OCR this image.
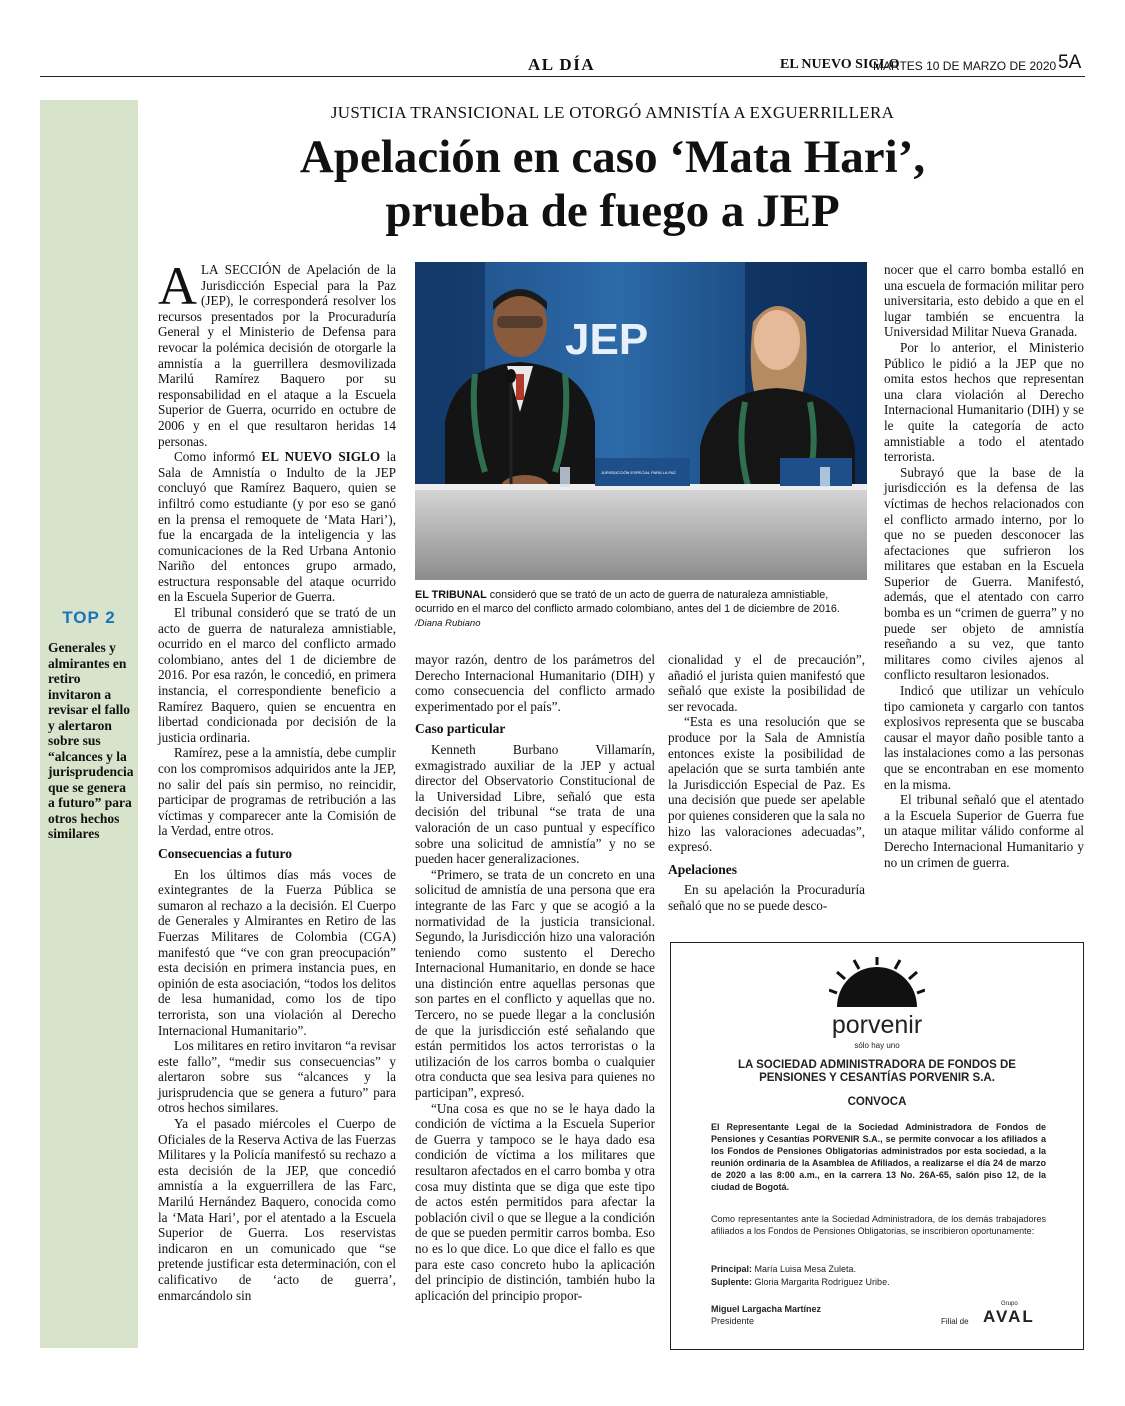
AL DÍA	EL NUEVO SIGLO
MARTES 10 DE MARZO DE 2020 5A
TOP 2
Generales y almirantes en retiro invitaron a revisar el fallo y alertaron sobre sus “alcances y la jurisprudencia que se genera a futuro” para otros hechos similares
JUSTICIA TRANSICIONAL LE OTORGÓ AMNISTÍA A EXGUERRILLERA
Apelación en caso ‘Mata Hari’,
prueba de fuego a JEP

ALA SECCIÓN de Apelación de la Jurisdicción Especial para la Paz (JEP), le corresponderá resolver los recursos presentados por la Procuraduría General y el Ministerio de Defensa para revocar la polémica decisión de otorgarle la amnistía a la guerrillera desmovilizada Marilú Ramírez Baquero por su responsabilidad en el ataque a la Escuela Superior de Guerra, ocurrido en octubre de 2006 y en el que resultaron heridas 14 personas.

Como informó EL NUEVO SIGLO la Sala de Amnistía o Indulto de la JEP concluyó que Ramírez Baquero, quien se infiltró como estudiante (y por eso se ganó en la prensa el remoquete de ‘Mata Hari’), fue la encargada de la inteligencia y las comunicaciones de la Red Urbana Antonio Nariño del entonces grupo armado, estructura responsable del ataque ocurrido en la Escuela Superior de Guerra.

El tribunal consideró que se trató de un acto de guerra de naturaleza amnistiable, ocurrido en el marco del conflicto armado colombiano, antes del 1 de diciembre de 2016. Por esa razón, le concedió, en primera instancia, el correspondiente beneficio a Ramírez Baquero, quien se encuentra en libertad condicionada por decisión de la justicia ordinaria.

Ramírez, pese a la amnistía, debe cumplir con los compromisos adquiridos ante la JEP, no salir del país sin permiso, no reincidir, participar de programas de retribución a las víctimas y comparecer ante la Comisión de la Verdad, entre otros.

Consecuencias a futuro

En los últimos días más voces de exintegrantes de la Fuerza Pública se sumaron al rechazo a la decisión. El Cuerpo de Generales y Almirantes en Retiro de las Fuerzas Militares de Colombia (CGA) manifestó que “ve con gran preocupación” esta decisión en primera instancia pues, en opinión de esta asociación, “todos los delitos de lesa humanidad, como los de tipo terrorista, son una violación al Derecho Internacional Humanitario”.

Los militares en retiro invitaron “a revisar este fallo”, “medir sus consecuencias” y alertaron sobre sus “alcances y la jurisprudencia que se genera a futuro” para otros hechos similares.

Ya el pasado miércoles el Cuerpo de Oficiales de la Reserva Activa de las Fuerzas Militares y la Policía manifestó su rechazo a esta decisión de la JEP, que concedió amnistía a la exguerrillera de las Farc, Marilú Hernández Baquero, conocida como la ‘Mata Hari’, por el atentado a la Escuela Superior de Guerra. Los reservistas indicaron en un comunicado que “se pretende justificar esta determinación, con el calificativo de ‘acto de guerra’, enmarcándolo sin

JEP
JURISDICCIÓN ESPECIAL PARA LA PAZ
EL TRIBUNAL consideró que se trató de un acto de guerra de naturaleza amnistiable, ocurrido en el marco del conflicto armado colombiano, antes del 1 de diciembre de 2016. /Diana Rubiano

mayor razón, dentro de los parámetros del Derecho Internacional Humanitario (DIH) y como consecuencia del conflicto armado experimentado por el país”.

Caso particular

Kenneth Burbano Villamarín, exmagistrado auxiliar de la JEP y actual director del Observatorio Constitucional de la Universidad Libre, señaló que esta decisión del tribunal “se trata de una valoración de un caso puntual y específico sobre una solicitud de amnistía” y no se pueden hacer generalizaciones.

“Primero, se trata de un concreto en una solicitud de amnistía de una persona que era integrante de las Farc y que se acogió a la normatividad de la justicia transicional. Segundo, la Jurisdicción hizo una valoración teniendo como sustento el Derecho Internacional Humanitario, en donde se hace una distinción entre aquellas personas que son partes en el conflicto y aquellas que no. Tercero, no se puede llegar a la conclusión de que la jurisdicción esté señalando que están permitidos los actos terroristas o la utilización de los carros bomba o cualquier otra conducta que sea lesiva para quienes no participan”, expresó.

“Una cosa es que no se le haya dado la condición de víctima a la Escuela Superior de Guerra y tampoco se le haya dado esa condición de víctima a los militares que resultaron afectados en el carro bomba y otra cosa muy distinta que se diga que este tipo de actos estén permitidos para afectar la población civil o que se llegue a la condición de que se pueden permitir carros bomba. Eso no es lo que dice. Lo que dice el fallo es que para este caso concreto hubo la aplicación del principio de distinción, también hubo la aplicación del principio propor-

cionalidad y el de precaución”, añadió el jurista quien manifestó que señaló que existe la posibilidad de ser revocada.

“Esta es una resolución que se produce por la Sala de Amnistía entonces existe la posibilidad de apelación que se surta también ante la Jurisdicción Especial de Paz. Es una decisión que puede ser apelable por quienes consideren que la sala no hizo las valoraciones adecuadas”, expresó.

Apelaciones

En su apelación la Procuraduría señaló que no se puede desco-

nocer que el carro bomba estalló en una escuela de formación militar pero universitaria, esto debido a que en el lugar también se encuentra la Universidad Militar Nueva Granada.

Por lo anterior, el Ministerio Público le pidió a la JEP que no omita estos hechos que representan una clara violación al Derecho Internacional Humanitario (DIH) y se le quite la categoría de acto amnistiable a todo el atentado terrorista.

Subrayó que la base de la jurisdicción es la defensa de las víctimas de hechos relacionados con el conflicto armado interno, por lo que no se pueden desconocer las afectaciones que sufrieron los militares que estaban en la Escuela Superior de Guerra. Manifestó, además, que el atentado con carro bomba es un “crimen de guerra” y no puede ser objeto de amnistía reseñando a su vez, que tanto militares como civiles ajenos al conflicto resultaron lesionados.

Indicó que utilizar un vehículo tipo camioneta y cargarlo con tantos explosivos representa que se buscaba causar el mayor daño posible tanto a las instalaciones como a las personas que se encontraban en ese momento en la misma.

El tribunal señaló que el atentado a la Escuela Superior de Guerra fue un ataque militar válido conforme al Derecho Internacional Humanitario y no un crimen de guerra.

porvenir
sólo hay uno
LA SOCIEDAD ADMINISTRADORA DE FONDOS DE
PENSIONES Y CESANTÍAS PORVENIR S.A.
CONVOCA
El Representante Legal de la Sociedad Administradora de Fondos de Pensiones y Cesantías PORVENIR S.A., se permite convocar a los afiliados a los Fondos de Pensiones Obligatorias administrados por esta sociedad, a la reunión ordinaria de la Asamblea de Afiliados, a realizarse el día 24 de marzo de 2020 a las 8:00 a.m., en la carrera 13 No. 26A-65, salón piso 12, de la ciudad de Bogotá.
Como representantes ante la Sociedad Administradora, de los demás trabajadores afiliados a los Fondos de Pensiones Obligatorias, se inscribieron oportunamente:
Principal: María Luisa Mesa Zuleta.
Suplente: Gloria Margarita Rodríguez Uribe.
Miguel Largacha Martínez
Presidente	Filial de
Grupo
AVAL
